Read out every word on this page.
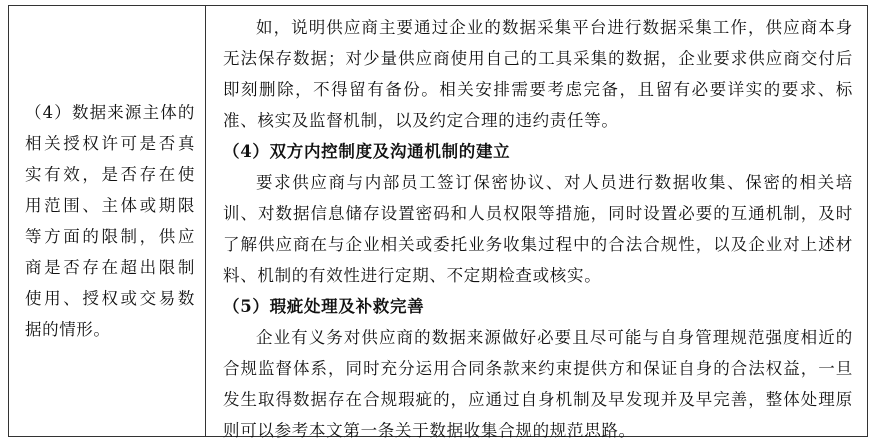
（4）数据来源主体的相关授权许可是否真实有效，是否存在使用范围、主体或期限等方面的限制，供应商是否存在超出限制使用、授权或交易数据的情形。

如，说明供应商主要通过企业的数据采集平台进行数据采集工作，供应商本身无法保存数据；对少量供应商使用自己的工具采集的数据，企业要求供应商交付后即刻删除，不得留有备份。相关安排需要考虑完备，且留有必要详实的要求、标准、核实及监督机制，以及约定合理的违约责任等。

（4）双方内控制度及沟通机制的建立

要求供应商与内部员工签订保密协议、对人员进行数据收集、保密的相关培训、对数据信息储存设置密码和人员权限等措施，同时设置必要的互通机制，及时了解供应商在与企业相关或委托业务收集过程中的合法合规性，以及企业对上述材料、机制的有效性进行定期、不定期检查或核实。

（5）瑕疵处理及补救完善

企业有义务对供应商的数据来源做好必要且尽可能与自身管理规范强度相近的合规监督体系，同时充分运用合同条款来约束提供方和保证自身的合法权益，一旦发生取得数据存在合规瑕疵的，应通过自身机制及早发现并及早完善，整体处理原则可以参考本文第一条关于数据收集合规的规范思路。
